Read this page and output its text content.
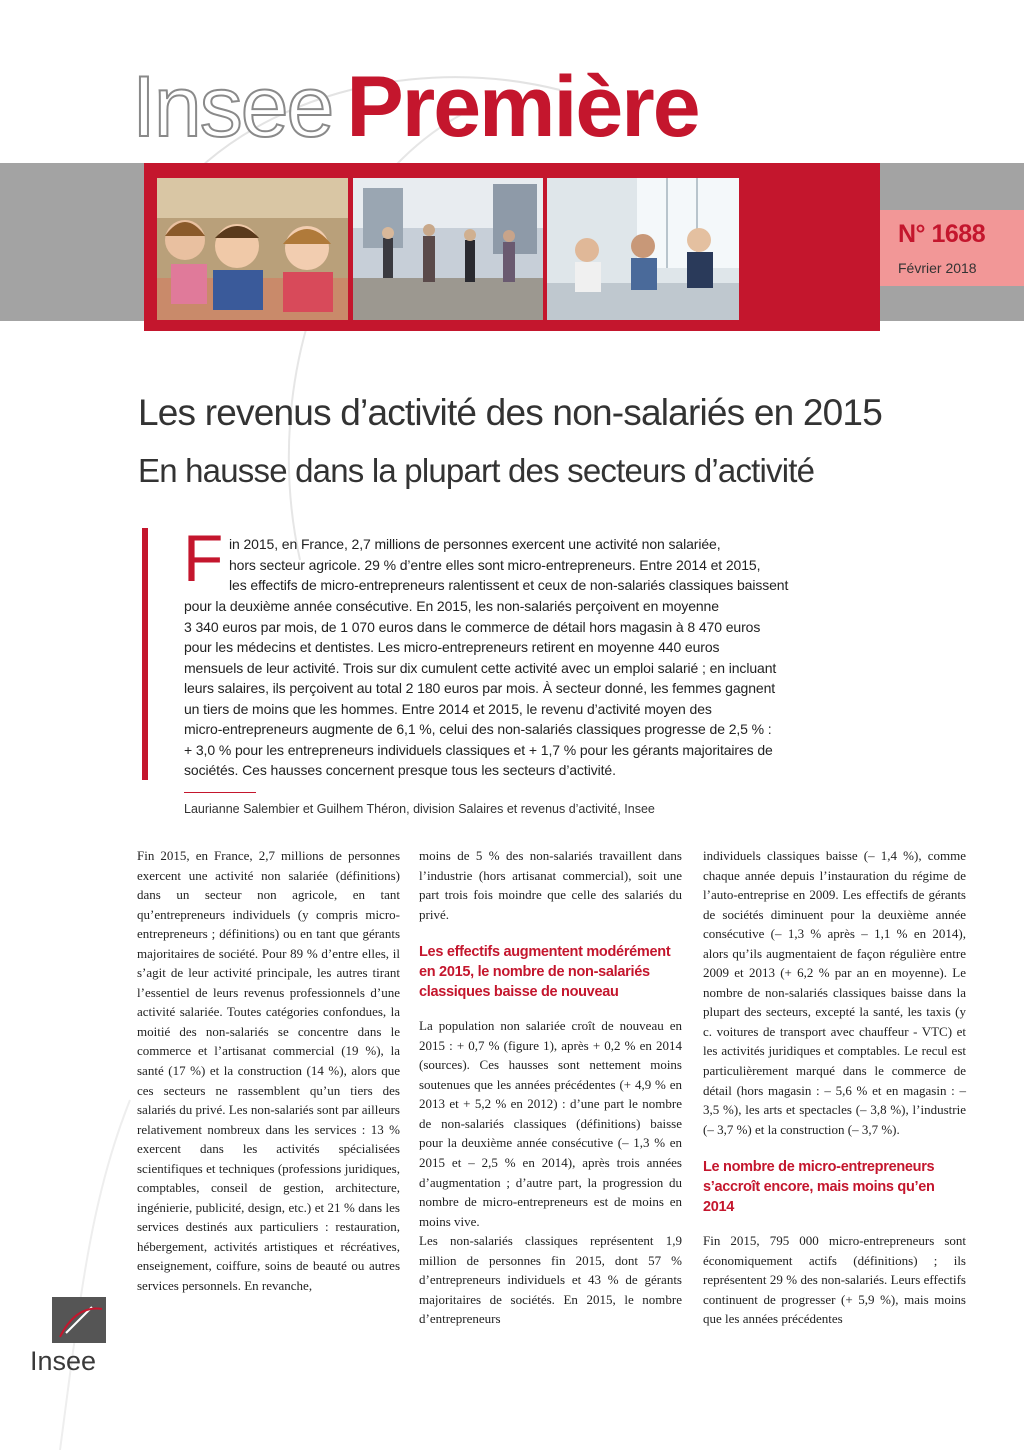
Insee Première
N° 1688
Février 2018
Les revenus d’activité des non-salariés en 2015
En hausse dans la plupart des secteurs d’activité
F in 2015, en France, 2,7 millions de personnes exercent une activité non salariée,
hors secteur agricole. 29 % d’entre elles sont micro-entrepreneurs. Entre 2014 et 2015,
les effectifs de micro-entrepreneurs ralentissent et ceux de non-salariés classiques baissent
pour la deuxième année consécutive. En 2015, les non-salariés perçoivent en moyenne
3 340 euros par mois, de 1 070 euros dans le commerce de détail hors magasin à 8 470 euros
pour les médecins et dentistes. Les micro-entrepreneurs retirent en moyenne 440 euros
mensuels de leur activité. Trois sur dix cumulent cette activité avec un emploi salarié ; en incluant
leurs salaires, ils perçoivent au total 2 180 euros par mois. À secteur donné, les femmes gagnent
un tiers de moins que les hommes. Entre 2014 et 2015, le revenu d’activité moyen des
micro-entrepreneurs augmente de 6,1 %, celui des non-salariés classiques progresse de 2,5 % :
+ 3,0 % pour les entrepreneurs individuels classiques et + 1,7 % pour les gérants majoritaires de
sociétés. Ces hausses concernent presque tous les secteurs d’activité.
Laurianne Salembier et Guilhem Théron, division Salaires et revenus d’activité, Insee

Fin 2015, en France, 2,7 millions de personnes exercent une activité non salariée (définitions) dans un secteur non agricole, en tant qu’entrepreneurs individuels (y compris micro-entrepreneurs ; définitions) ou en tant que gérants majoritaires de société. Pour 89 % d’entre elles, il s’agit de leur activité principale, les autres tirant l’essentiel de leurs revenus professionnels d’une activité salariée. Toutes catégories confondues, la moitié des non-salariés se concentre dans le commerce et l’artisanat commercial (19 %), la santé (17 %) et la construction (14 %), alors que ces secteurs ne rassemblent qu’un tiers des salariés du privé. Les non-salariés sont par ailleurs relativement nombreux dans les services : 13 % exercent dans les activités spécialisées scientifiques et techniques (professions juridiques, comptables, conseil de gestion, architecture, ingénierie, publicité, design, etc.) et 21 % dans les services destinés aux particuliers : restauration, hébergement, activités artistiques et récréatives, enseignement, coiffure, soins de beauté ou autres services personnels. En revanche,

moins de 5 % des non-salariés travaillent dans l’industrie (hors artisanat commercial), soit une part trois fois moindre que celle des salariés du privé.

Les effectifs augmentent modérément en 2015, le nombre de non-salariés classiques baisse de nouveau

La population non salariée croît de nouveau en 2015 : + 0,7 % (figure 1), après + 0,2 % en 2014 (sources). Ces hausses sont nettement moins soutenues que les années précédentes (+ 4,9 % en 2013 et + 5,2 % en 2012) : d’une part le nombre de non-salariés classiques (définitions) baisse pour la deuxième année consécutive (– 1,3 % en 2015 et – 2,5 % en 2014), après trois années d’augmentation ; d’autre part, la progression du nombre de micro-entrepreneurs est de moins en moins vive.

Les non-salariés classiques représentent 1,9 million de personnes fin 2015, dont 57 % d’entrepreneurs individuels et 43 % de gérants majoritaires de sociétés. En 2015, le nombre d’entrepreneurs

individuels classiques baisse (– 1,4 %), comme chaque année depuis l’instauration du régime de l’auto-entreprise en 2009. Les effectifs de gérants de sociétés diminuent pour la deuxième année consécutive (– 1,3 % après – 1,1 % en 2014), alors qu’ils augmentaient de façon régulière entre 2009 et 2013 (+ 6,2 % par an en moyenne). Le nombre de non-salariés classiques baisse dans la plupart des secteurs, excepté la santé, les taxis (y c. voitures de transport avec chauffeur - VTC) et les activités juridiques et comptables. Le recul est particulièrement marqué dans le commerce de détail (hors magasin : – 5,6 % et en magasin : – 3,5 %), les arts et spectacles (– 3,8 %), l’industrie (– 3,7 %) et la construction (– 3,7 %).

Le nombre de micro-entrepreneurs s’accroît encore, mais moins qu’en 2014

Fin 2015, 795 000 micro-entrepreneurs sont économiquement actifs (définitions) ; ils représentent 29 % des non-salariés. Leurs effectifs continuent de progresser (+ 5,9 %), mais moins que les années précédentes

Insee
